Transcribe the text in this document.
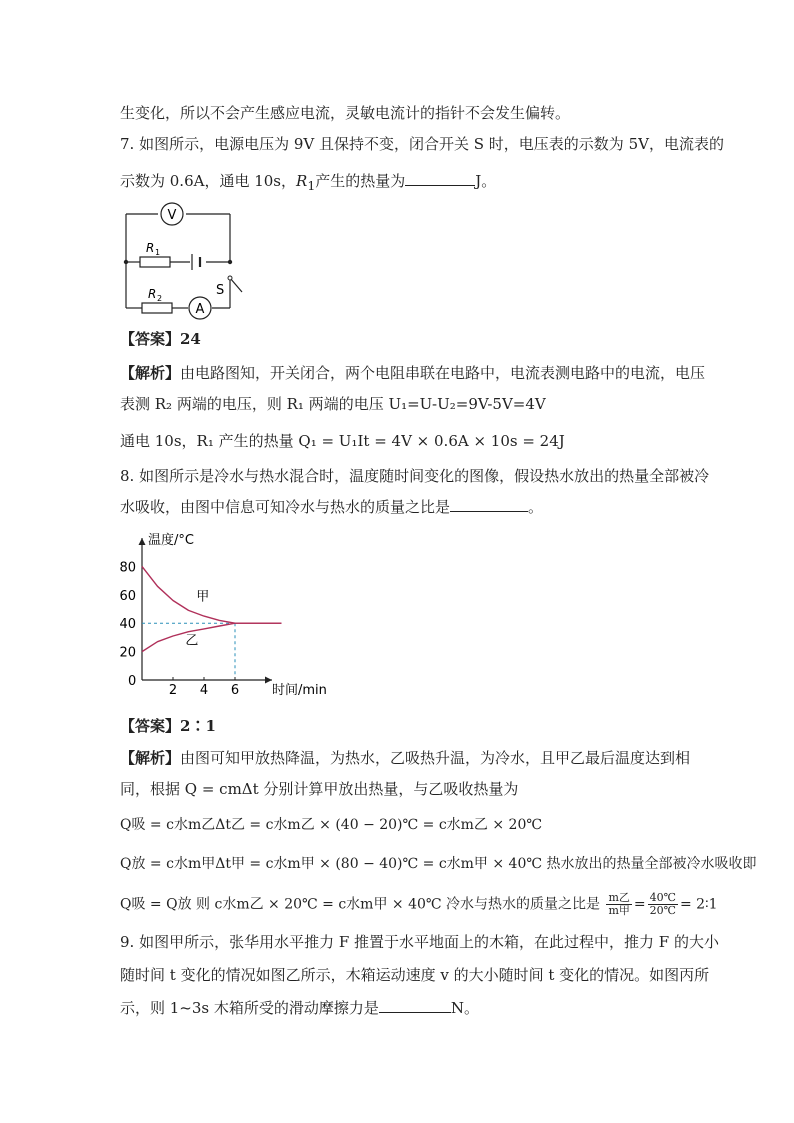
生变化，所以不会产生感应电流，灵敏电流计的指针不会发生偏转。
7. 如图所示，电源电压为 9V 且保持不变，闭合开关 S 时，电压表的示数为 5V，电流表的
示数为 0.6A，通电 10s，$R_1$产生的热量为	J。
V
A
R 1
R 2
S
【答案】24
【解析】由电路图知，开关闭合，两个电阻串联在电路中，电流表测电路中的电流，电压
表测 R₂ 两端的电压，则 R₁ 两端的电压 U₁=U-U₂=9V-5V=4V
通电 10s，R₁ 产生的热量 Q₁ = U₁It = 4V × 0.6A × 10s = 24J
8. 如图所示是冷水与热水混合时，温度随时间变化的图像，假设热水放出的热量全部被冷
水吸收，由图中信息可知冷水与热水的质量之比是	。
温度/°C
时间/min
0
20
40
60
80
2 4 6
甲
乙
【答案】2∶1
【解析】由图可知甲放热降温，为热水，乙吸热升温，为冷水，且甲乙最后温度达到相
同，根据 Q = cmΔt 分别计算甲放出热量，与乙吸收热量为
Q吸 = c水m乙Δt乙 = c水m乙 × (40 − 20)℃ = c水m乙 × 20℃
Q放 = c水m甲Δt甲 = c水m甲 × (80 − 40)℃ = c水m甲 × 40℃ 热水放出的热量全部被冷水吸收即
Q吸 = Q放 则 c水m乙 × 20℃ = c水m甲 × 40℃ 冷水与热水的质量之比是 $\frac{\text{m乙}}{\text{m甲}} = \frac{40℃}{20℃}$ = 2∶1
9. 如图甲所示，张华用水平推力 F 推置于水平地面上的木箱，在此过程中，推力 F 的大小
随时间 t 变化的情况如图乙所示，木箱运动速度 v 的大小随时间 t 变化的情况。如图丙所
示，则 1~3s 木箱所受的滑动摩擦力是	N。
